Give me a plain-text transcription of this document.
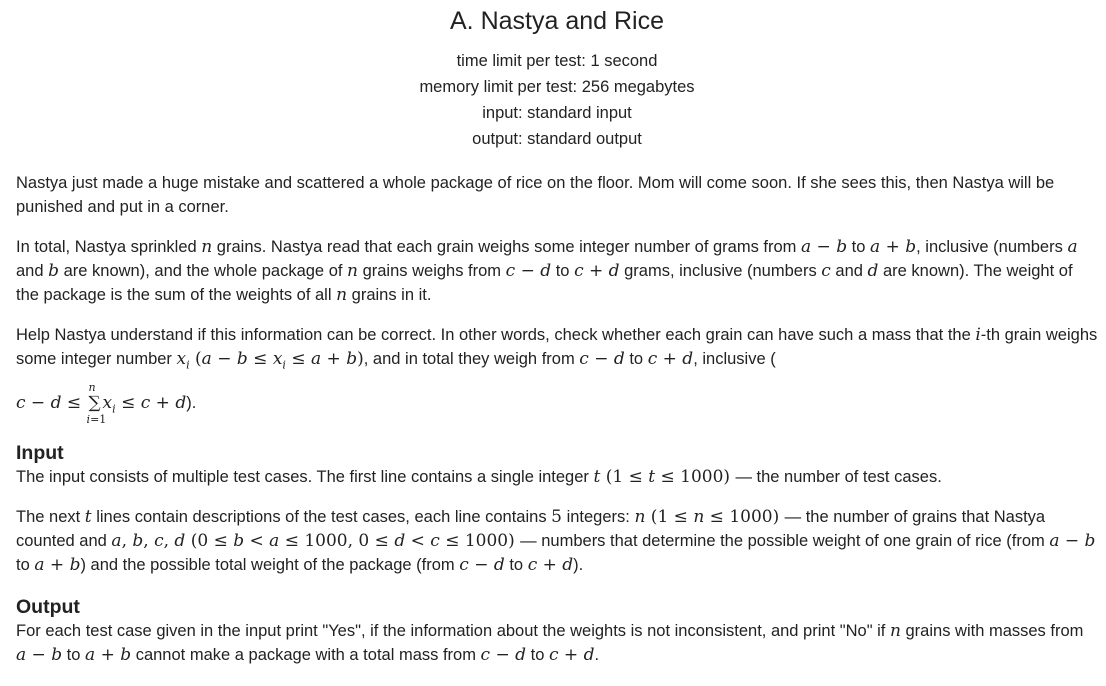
A. Nastya and Rice
time limit per test: 1 second
memory limit per test: 256 megabytes
input: standard input
output: standard output

Nastya just made a huge mistake and scattered a whole package of rice on the floor. Mom will come soon. If she sees this, then Nastya will be punished and put in a corner.

In total, Nastya sprinkled n grains. Nastya read that each grain weighs some integer number of grams from a − b to a + b, inclusive (numbers a and b are known), and the whole package of n grains weighs from c − d to c + d grams, inclusive (numbers c and d are known). The weight of the package is the sum of the weights of all n grains in it.

Help Nastya understand if this information can be correct. In other words, check whether each grain can have such a mass that the i-th grain weighs some integer number $x_i$ $(a - b \le x_i \le a + b)$, and in total they weigh from c − d to c + d, inclusive (

c − d ≤
n
∑
i=1
$x_i \le c + d$).
Input

The input consists of multiple test cases. The first line contains a single integer t (1 ≤ t ≤ 1000) — the number of test cases.

The next t lines contain descriptions of the test cases, each line contains 5 integers: n (1 ≤ n ≤ 1000) — the number of grains that Nastya counted and a, b, c, d (0 ≤ b < a ≤ 1000, 0 ≤ d < c ≤ 1000) — numbers that determine the possible weight of one grain of rice (from a − b to a + b) and the possible total weight of the package (from c − d to c + d).

Output

For each test case given in the input print "Yes", if the information about the weights is not inconsistent, and print "No" if n grains with masses from a − b to a + b cannot make a package with a total mass from c − d to c + d.
